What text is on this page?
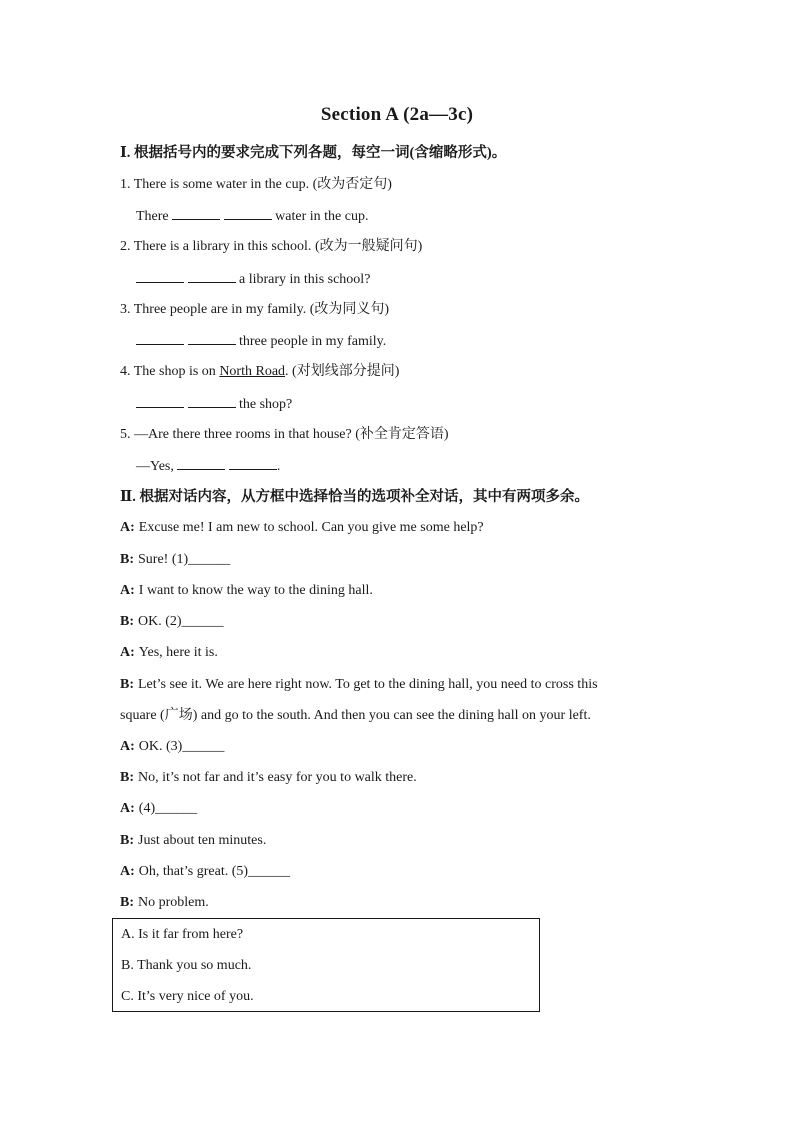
Section A (2a—3c)
Ⅰ. 根据括号内的要求完成下列各题，每空一词(含缩略形式)。
1. There is some water in the cup. (改为否定句)
There	water in the cup.
2. There is a library in this school. (改为一般疑问句)
a library in this school?
3. Three people are in my family. (改为同义句)
three people in my family.
4. The shop is on North Road. (对划线部分提问)
the shop?
5. —Are there three rooms in that house? (补全肯定答语)
—Yes,	.
Ⅱ. 根据对话内容，从方框中选择恰当的选项补全对话，其中有两项多余。
A: Excuse me! I am new to school. Can you give me some help?
B: Sure! (1)______
A: I want to know the way to the dining hall.
B: OK. (2)______
A: Yes, here it is.
B: Let’s see it. We are here right now. To get to the dining hall, you need to cross this
square (广场) and go to the south. And then you can see the dining hall on your left.
A: OK. (3)______
B: No, it’s not far and it’s easy for you to walk there.
A: (4)______
B: Just about ten minutes.
A: Oh, that’s great. (5)______
B: No problem.
A. Is it far from here?
B. Thank you so much.
C. It’s very nice of you.
